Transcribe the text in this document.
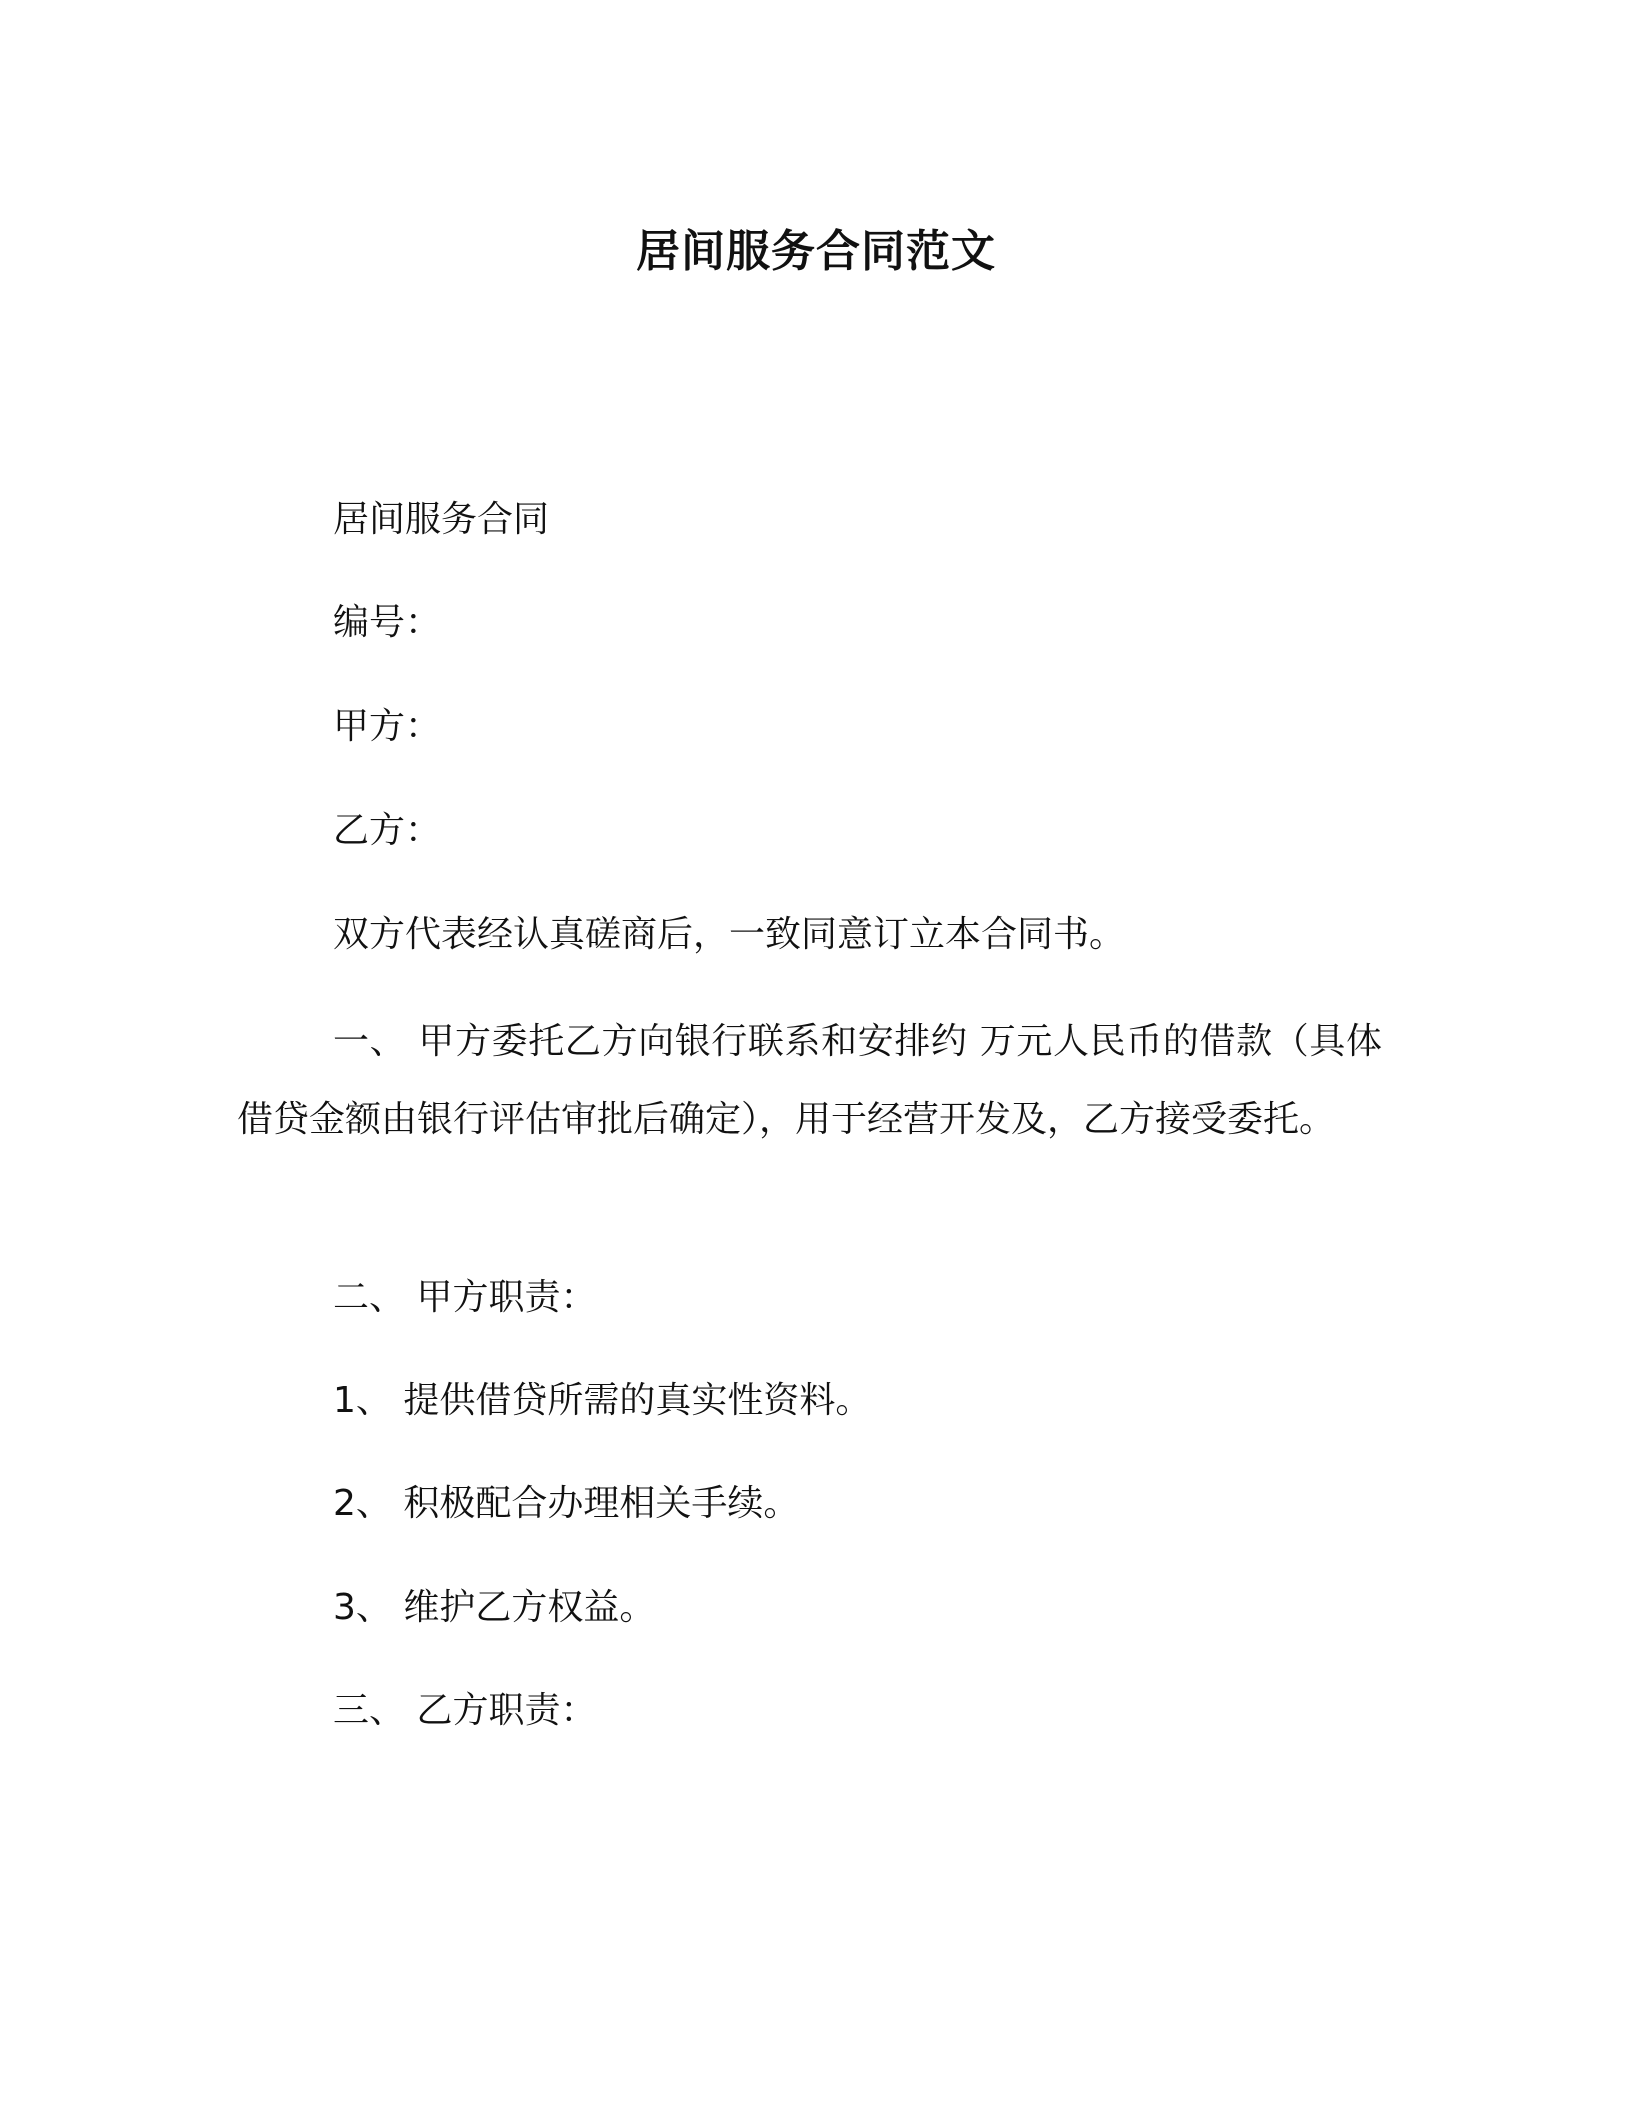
居间服务合同范文
居间服务合同
编号：
甲方：
乙方：
双方代表经认真磋商后，一致同意订立本合同书。
一、 甲方委托乙方向银行联系和安排约 万元人民币的借款（具体借贷金额由银行评估审批后确定），用于经营开发及，乙方接受委托。
二、 甲方职责：
1、 提供借贷所需的真实性资料。
2、 积极配合办理相关手续。
3、 维护乙方权益。
三、 乙方职责：
